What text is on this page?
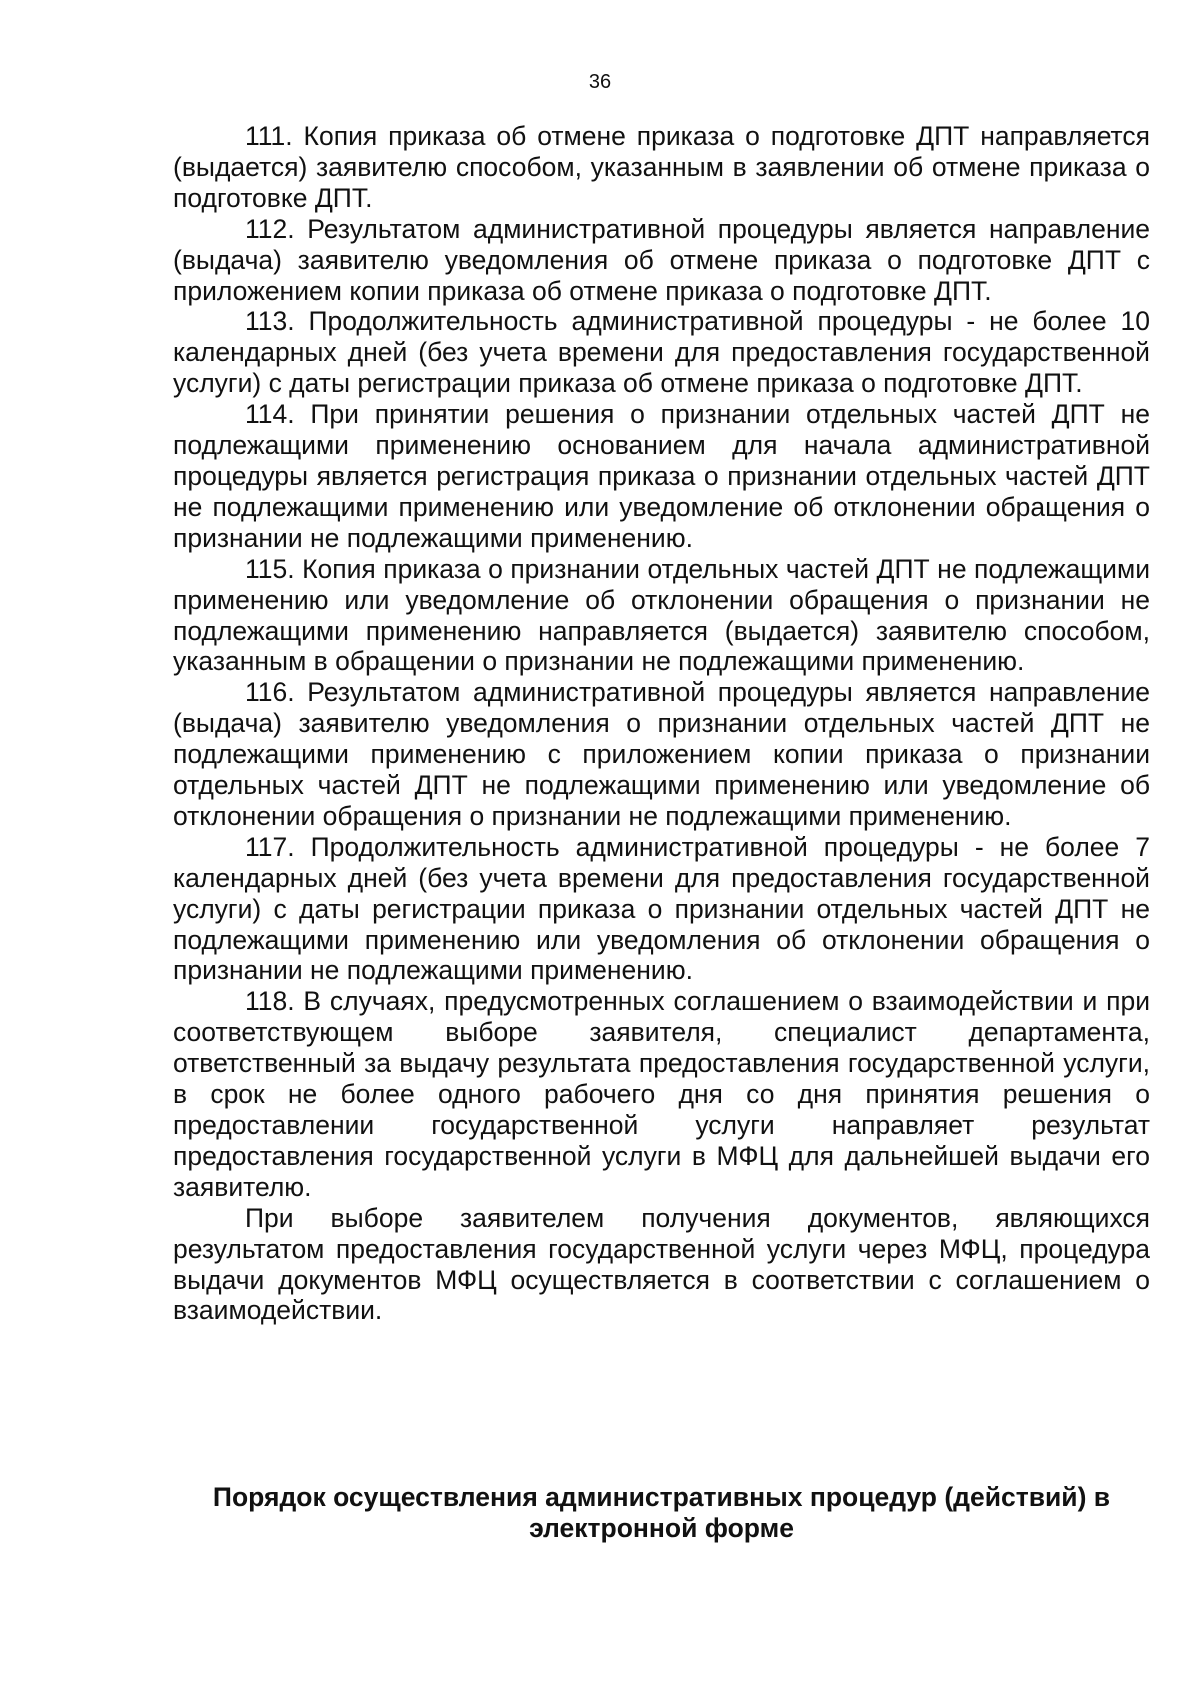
36

111. Копия приказа об отмене приказа о подготовке ДПТ направляется (выдается) заявителю способом, указанным в заявлении об отмене приказа о подготовке ДПТ.

112. Результатом административной процедуры является направление (выдача) заявителю уведомления об отмене приказа о подготовке ДПТ с приложением копии приказа об отмене приказа о подготовке ДПТ.

113. Продолжительность административной процедуры - не более 10 календарных дней (без учета времени для предоставления государственной услуги) с даты регистрации приказа об отмене приказа о подготовке ДПТ.

114. При принятии решения о признании отдельных частей ДПТ не подлежащими применению основанием для начала административной процедуры является регистрация приказа о признании отдельных частей ДПТ не подлежащими применению или уведомление об отклонении обращения о признании не подлежащими применению.

115. Копия приказа о признании отдельных частей ДПТ не подлежащими применению или уведомление об отклонении обращения о признании не подлежащими применению направляется (выдается) заявителю способом, указанным в обращении о признании не подлежащими применению.

116. Результатом административной процедуры является направление (выдача) заявителю уведомления о признании отдельных частей ДПТ не подлежащими применению с приложением копии приказа о признании отдельных частей ДПТ не подлежащими применению или уведомление об отклонении обращения о признании не подлежащими применению.

117. Продолжительность административной процедуры - не более 7 календарных дней (без учета времени для предоставления государственной услуги) с даты регистрации приказа о признании отдельных частей ДПТ не подлежащими применению или уведомления об отклонении обращения о признании не подлежащими применению.

118. В случаях, предусмотренных соглашением о взаимодействии и при соответствующем выборе заявителя, специалист департамента, ответственный за выдачу результата предоставления государственной услуги, в срок не более одного рабочего дня со дня принятия решения о предоставлении государственной услуги направляет результат предоставления государственной услуги в МФЦ для дальнейшей выдачи его заявителю.

При выборе заявителем получения документов, являющихся результатом предоставления государственной услуги через МФЦ, процедура выдачи документов МФЦ осуществляется в соответствии с соглашением о взаимодействии.

Порядок осуществления административных процедур (действий) в электронной форме
